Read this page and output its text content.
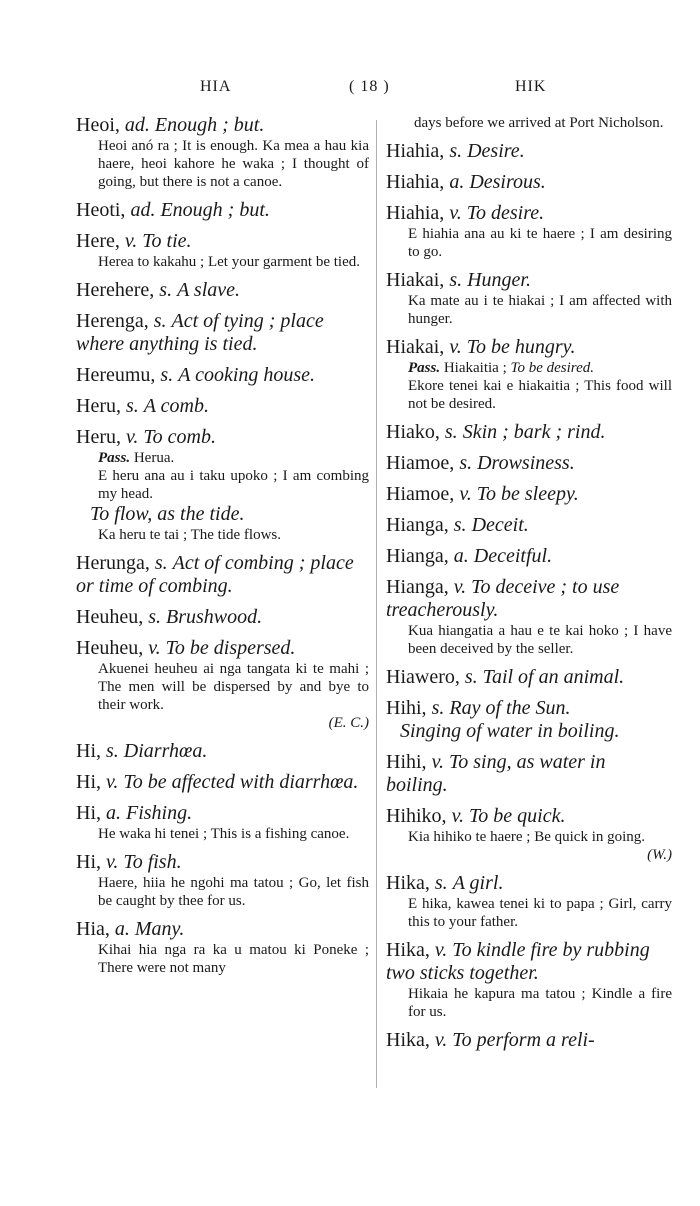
HIA	( 18 )	HIK
Heoi, ad. Enough ; but.
Heoi anó ra ; It is enough. Ka mea a hau kia haere, heoi kahore he waka ; I thought of going, but there is not a canoe.
Heoti, ad. Enough ; but.
Here, v. To tie.
Herea to kakahu ; Let your garment be tied.
Herehere, s. A slave.
Herenga, s. Act of tying ; place where anything is tied.
Hereumu, s. A cooking house.
Heru, s. A comb.
Heru, v. To comb.
Pass. Herua.
E heru ana au i taku upoko ; I am combing my head.
To flow, as the tide.
Ka heru te tai ; The tide flows.
Herunga, s. Act of combing ; place or time of combing.
Heuheu, s. Brushwood.
Heuheu, v. To be dispersed.
Akuenei heuheu ai nga tangata ki te mahi ; The men will be dispersed by and bye to their work.
(E. C.)
Hi, s. Diarrhœa.
Hi, v. To be affected with diarrhœa.
Hi, a. Fishing.
He waka hi tenei ; This is a fishing canoe.
Hi, v. To fish.
Haere, hiia he ngohi ma tatou ; Go, let fish be caught by thee for us.
Hia, a. Many.
Kihai hia nga ra ka u matou ki Poneke ; There were not many
days before we arrived at Port Nicholson.
Hiahia, s. Desire.
Hiahia, a. Desirous.
Hiahia, v. To desire.
E hiahia ana au ki te haere ; I am desiring to go.
Hiakai, s. Hunger.
Ka mate au i te hiakai ; I am affected with hunger.
Hiakai, v. To be hungry.
Pass. Hiakaitia ; To be desired.
Ekore tenei kai e hiakaitia ; This food will not be desired.
Hiako, s. Skin ; bark ; rind.
Hiamoe, s. Drowsiness.
Hiamoe, v. To be sleepy.
Hianga, s. Deceit.
Hianga, a. Deceitful.
Hianga, v. To deceive ; to use treacherously.
Kua hiangatia a hau e te kai hoko ; I have been deceived by the seller.
Hiawero, s. Tail of an animal.
Hihi, s. Ray of the Sun.
Singing of water in boiling.
Hihi, v. To sing, as water in boiling.
Hihiko, v. To be quick.
Kia hihiko te haere ; Be quick in going.
(W.)
Hika, s. A girl.
E hika, kawea tenei ki to papa ; Girl, carry this to your father.
Hika, v. To kindle fire by rubbing two sticks together.
Hikaia he kapura ma tatou ; Kindle a fire for us.
Hika, v. To perform a reli-
